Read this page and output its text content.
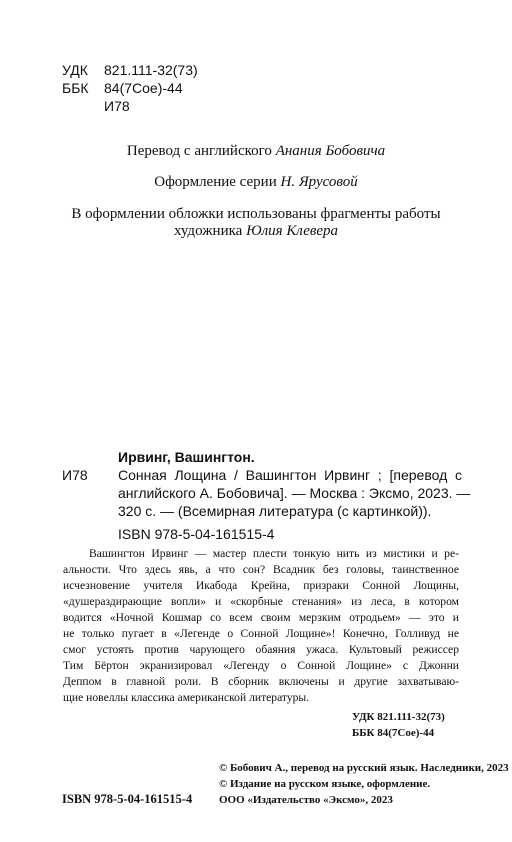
УДК 821.111-32(73)
ББК 84(7Сое)-44
И78
Перевод с английского Анания Бобовича
Оформление серии Н. Ярусовой
В оформлении обложки использованы фрагменты работы
художника Юлия Клевера
Ирвинг, Вашингтон.
И78 Сонная Лощина / Вашингтон Ирвинг ; [перевод с
английского А. Бобовича]. — Москва : Эксмо, 2023. —
320 с. — (Всемирная литература (с картинкой)).
ISBN 978-5-04-161515-4
Вашингтон Ирвинг — мастер плести тонкую нить из мистики и ре-
альности. Что здесь явь, а что сон? Всадник без головы, таинственное
исчезновение учителя Икабода Крейна, призраки Сонной Лощины,
«душераздирающие вопли» и «скорбные стенания» из леса, в котором
водится «Ночной Кошмар со всем своим мерзким отродьем» — это и
не только пугает в «Легенде о Сонной Лощине»! Конечно, Голливуд не
смог устоять против чарующего обаяния ужаса. Культовый режиссер
Тим Бёртон экранизировал «Легенду о Сонной Лощине» с Джонни
Деппом в главной роли. В сборник включены и другие захватываю-
щие новеллы классика американской литературы.
УДК 821.111-32(73)
ББК 84(7Сое)-44
© Бобович А., перевод на русский язык. Наследники, 2023
© Издание на русском языке, оформление.
ISBN 978-5-04-161515-4 ООО «Издательство «Эксмо», 2023
